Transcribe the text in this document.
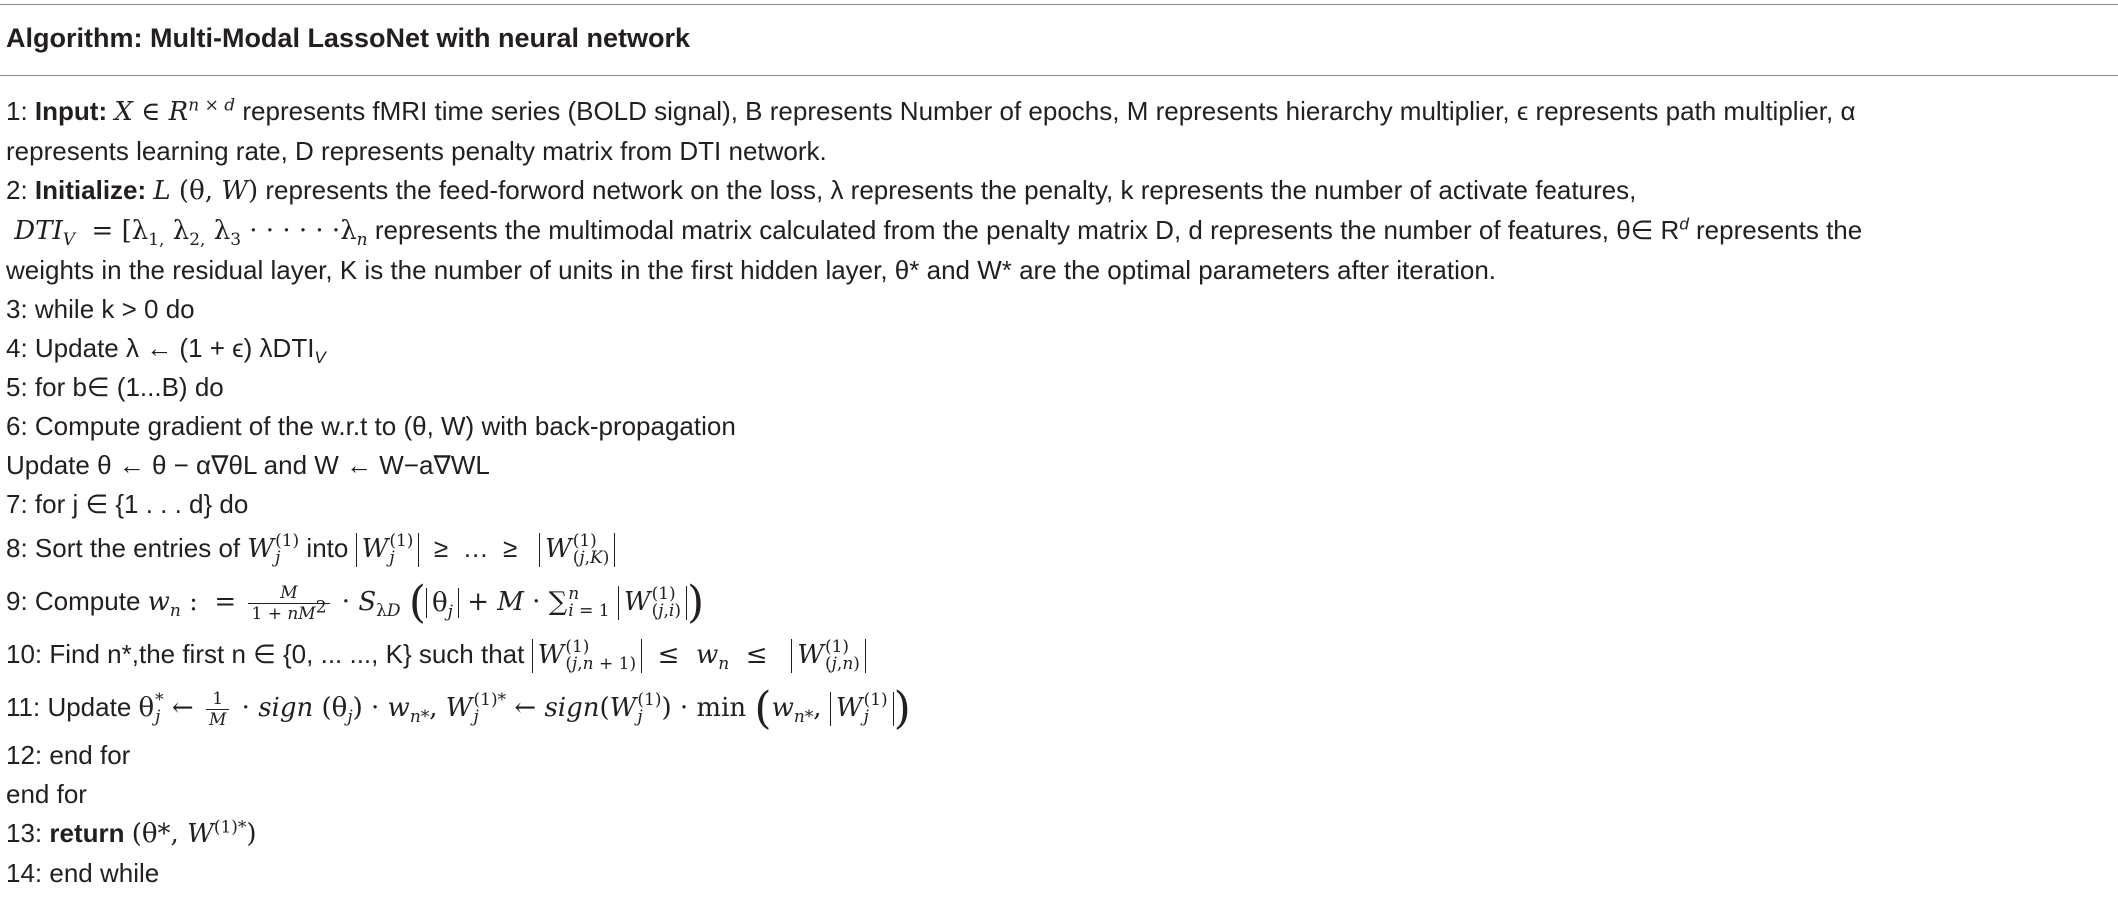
Algorithm: Multi-Modal LassoNet with neural network
1: Input: X ∈ $R^{n \times d}$ represents fMRI time series (BOLD signal), B represents Number of epochs, M represents hierarchy multiplier, ϵ represents path multiplier, α
represents learning rate, D represents penalty matrix from DTI network.
2: Initialize: L (θ, W) represents the feed-forword network on the loss, λ represents the penalty, k represents the number of activate features,
$DTI_V = [\lambda_{1,}$ $\lambda_{2,}$ $\lambda_3$ · · · · · $\cdot\lambda_n$ represents the multimodal matrix calculated from the penalty matrix D, d represents the number of features, θ∈ $R^d$ represents the
weights in the residual layer, K is the number of units in the first hidden layer, θ* and W* are the optimal parameters after iteration.
3: while k > 0 do
4: Update λ ← (1 + ϵ) λDTI$_V$
5: for b∈ (1...B) do
6: Compute gradient of the w.r.t to (θ, W) with back-propagation
Update θ ← θ − α∇θL and W ← W−a∇WL
7: for j ∈ {1 . . . d} do
8: Sort the entries of W (1)
j into W (1)
j ≥  …  ≥   W (1)
(j,K)
9: Compute $w_n$ :  = $\frac{M}{1 + nM^2} \cdot S_{\lambda D}$ ( $\theta_j + M$ · ∑ n
i = 1 W (1)
(j,i) )
10: Find n*,the first n ∈ {0, ... ..., K} such that W (1)
$(j,n + 1) \le w_n \le W$ (1)
(j,n)
11: Update θ *
j ← $\frac{1}{M}$ · sign $(\theta_j) \cdot w_{n*}$, W (1)*
j	← sign(W (1)
j ) · $\min (w_{n*}$, W (1)
j )
12: end for
end for
13: return (θ*, $W^{(1)*}$)
14: end while
